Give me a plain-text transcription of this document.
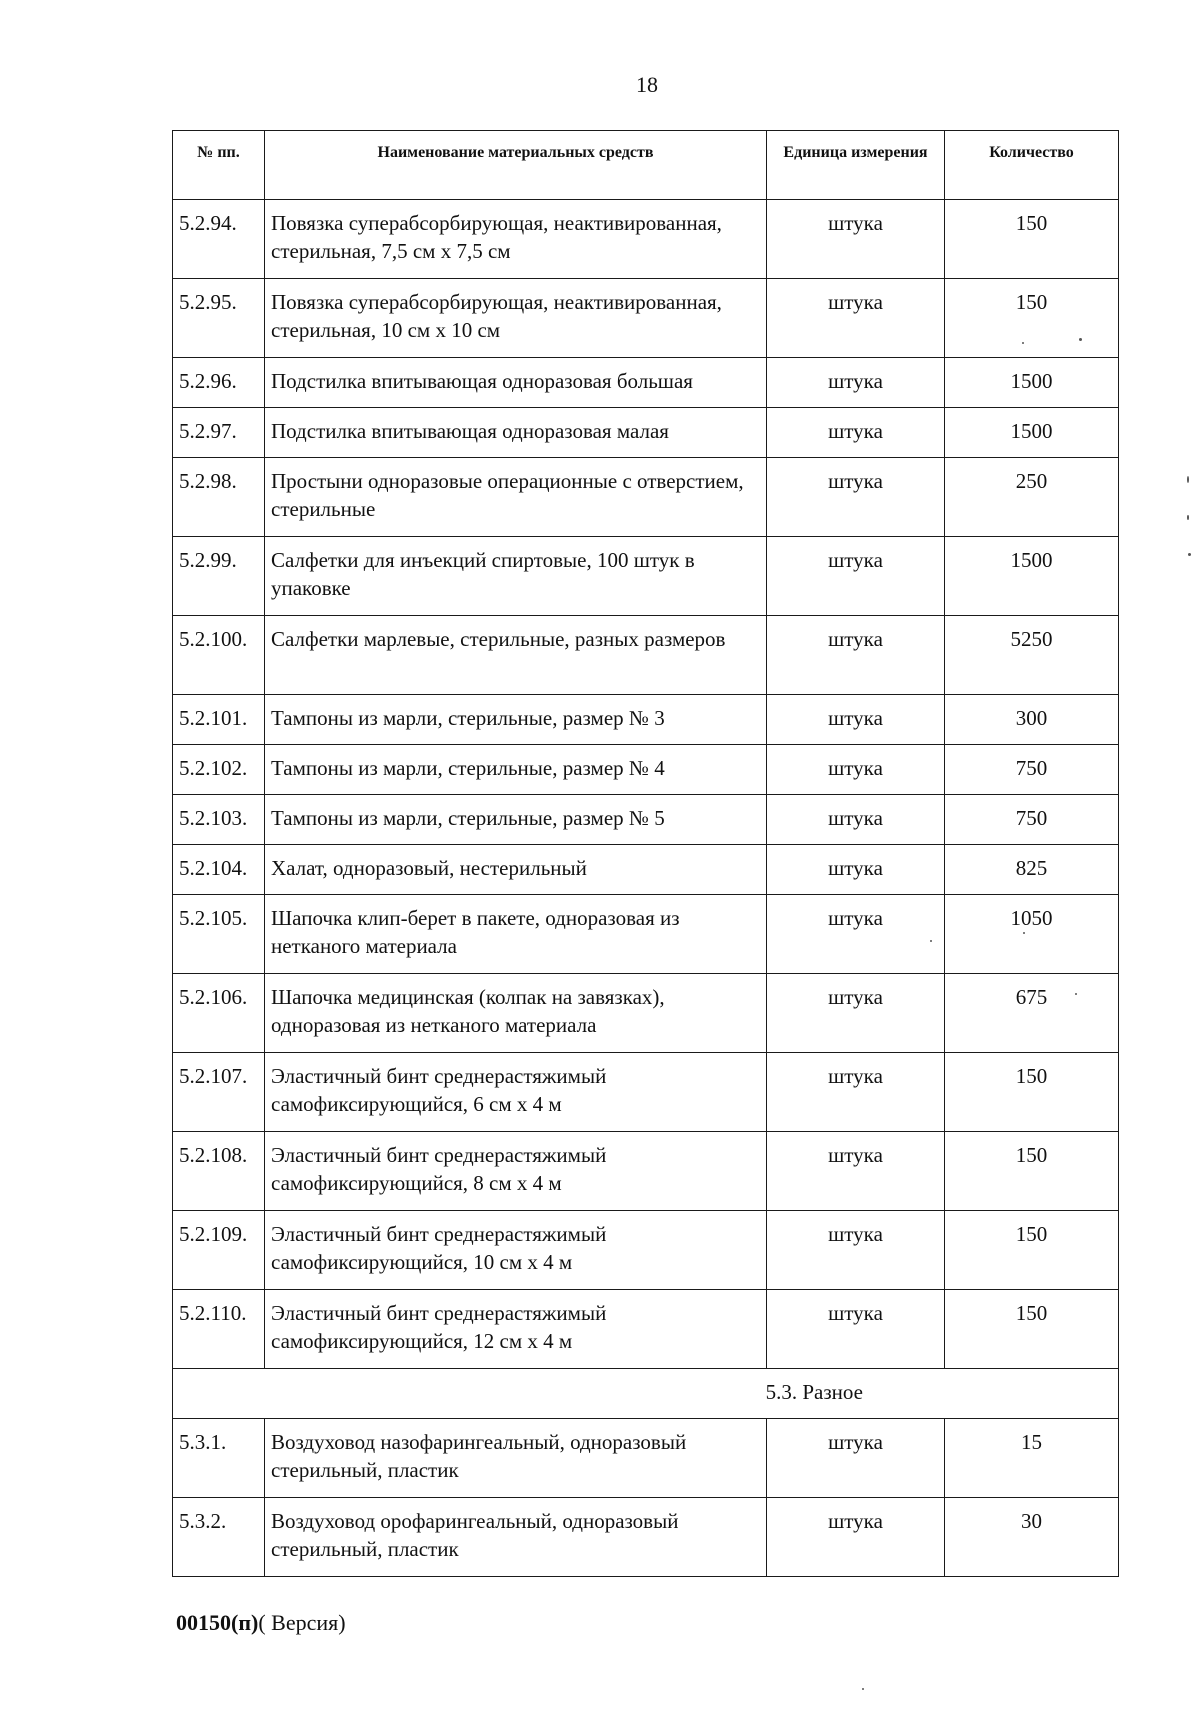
18
№ пп.	Наименование материальных средств	Единица измерения	Количество
5.2.94.	Повязка суперабсорбирующая, неактивированная, стерильная, 7,5 см х 7,5 см	штука	150
5.2.95.	Повязка суперабсорбирующая, неактивированная, стерильная, 10 см х 10 см	штука	150
5.2.96.	Подстилка впитывающая одноразовая большая	штука	1500
5.2.97.	Подстилка впитывающая одноразовая малая	штука	1500
5.2.98.	Простыни одноразовые операционные с отверстием, стерильные	штука	250
5.2.99.	Салфетки для инъекций спиртовые, 100 штук в упаковке	штука	1500
5.2.100.	Салфетки марлевые, стерильные, разных размеров	штука	5250
5.2.101.	Тампоны из марли, стерильные, размер № 3	штука	300
5.2.102.	Тампоны из марли, стерильные, размер № 4	штука	750
5.2.103.	Тампоны из марли, стерильные, размер № 5	штука	750
5.2.104.	Халат, одноразовый, нестерильный	штука	825
5.2.105.	Шапочка клип-берет в пакете, одноразовая из нетканого материала	штука	1050
5.2.106.	Шапочка медицинская (колпак на завязках), одноразовая из нетканого материала	штука	675
5.2.107.	Эластичный бинт среднерастяжимый самофиксирующийся, 6 см х 4 м	штука	150
5.2.108.	Эластичный бинт среднерастяжимый самофиксирующийся, 8 см х 4 м	штука	150
5.2.109.	Эластичный бинт среднерастяжимый самофиксирующийся, 10 см х 4 м	штука	150
5.2.110.	Эластичный бинт среднерастяжимый самофиксирующийся, 12 см х 4 м	штука	150
5.3. Разное			
5.3.1.	Воздуховод назофарингеальный, одноразовый стерильный, пластик	штука	15
5.3.2.	Воздуховод орофарингеальный, одноразовый стерильный, пластик	штука	30
00150(п)( Версия)
